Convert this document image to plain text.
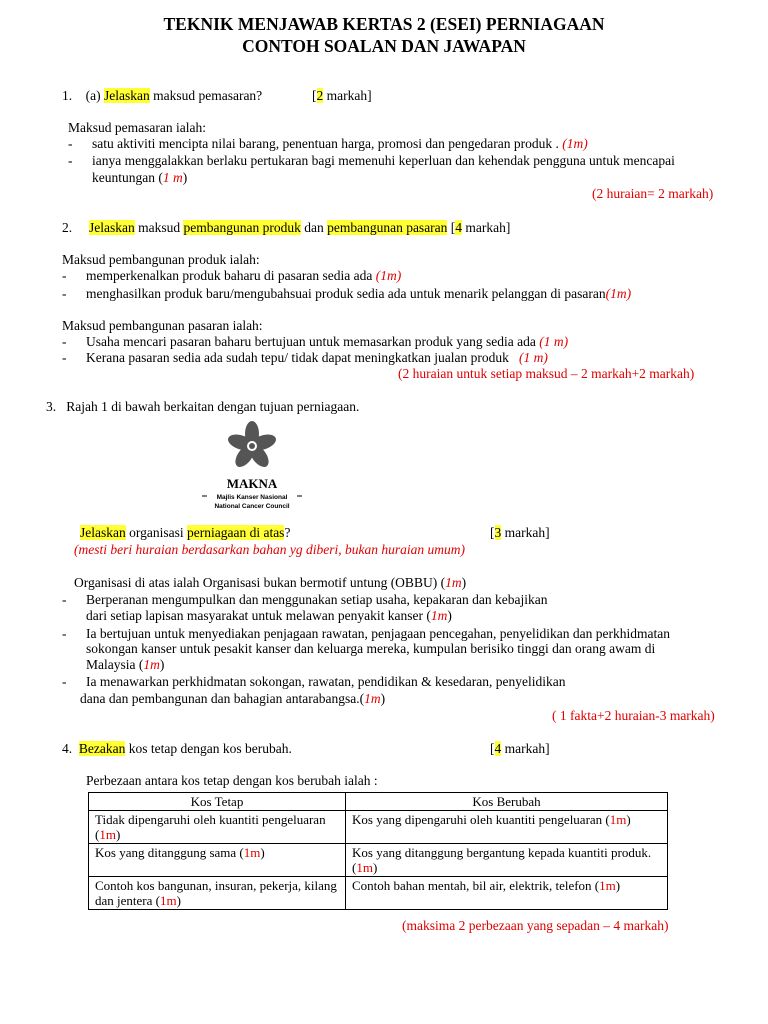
TEKNIK MENJAWAB KERTAS 2 (ESEI) PERNIAGAAN
CONTOH SOALAN DAN JAWAPAN
1. (a) Jelaskan maksud pemasaran?	[2 markah]
Maksud pemasaran ialah:
- satu aktiviti mencipta nilai barang, penentuan harga, promosi dan pengedaran produk . (1m)
- ianya menggalakkan berlaku pertukaran bagi memenuhi keperluan dan kehendak pengguna untuk mencapai
keuntungan (1 m)
(2 huraian= 2 markah)
2. Jelaskan maksud pembangunan produk dan pembangunan pasaran [4 markah]
Maksud pembangunan produk ialah:
- memperkenalkan produk baharu di pasaran sedia ada (1m)
- menghasilkan produk baru/mengubahsuai produk sedia ada untuk menarik pelanggan di pasaran(1m)
Maksud pembangunan pasaran ialah:
- Usaha mencari pasaran baharu bertujuan untuk memasarkan produk yang sedia ada (1 m)
- Kerana pasaran sedia ada sudah tepu/ tidak dapat meningkatkan jualan produk (1 m)
(2 huraian untuk setiap maksud – 2 markah+2 markah)
3. Rajah 1 di bawah berkaitan dengan tujuan perniagaan.
MAKNA
Majlis Kanser Nasional
National Cancer Council
Jelaskan organisasi perniagaan di atas?	[3 markah]
(mesti beri huraian berdasarkan bahan yg diberi, bukan huraian umum)
Organisasi di atas ialah Organisasi bukan bermotif untung (OBBU) (1m)
- Berperanan mengumpulkan dan menggunakan setiap usaha, kepakaran dan kebajikan
dari setiap lapisan masyarakat untuk melawan penyakit kanser (1m)
- Ia bertujuan untuk menyediakan penjagaan rawatan, penjagaan pencegahan, penyelidikan dan perkhidmatan
sokongan kanser untuk pesakit kanser dan keluarga mereka, kumpulan berisiko tinggi dan orang awam di
Malaysia (1m)
- Ia menawarkan perkhidmatan sokongan, rawatan, pendidikan & kesedaran, penyelidikan
dana dan pembangunan dan bahagian antarabangsa.(1m)
( 1 fakta+2 huraian-3 markah)
4. Bezakan kos tetap dengan kos berubah.	[4 markah]
Perbezaan antara kos tetap dengan kos berubah ialah :
Kos Tetap	Kos Berubah
Tidak dipengaruhi oleh kuantiti pengeluaran (1m)	Kos yang dipengaruhi oleh kuantiti pengeluaran (1m)
Kos yang ditanggung sama (1m)	Kos yang ditanggung bergantung kepada kuantiti produk. (1m)
Contoh kos bangunan, insuran, pekerja, kilang dan jentera (1m)	Contoh bahan mentah, bil air, elektrik, telefon (1m)
(maksima 2 perbezaan yang sepadan – 4 markah)
